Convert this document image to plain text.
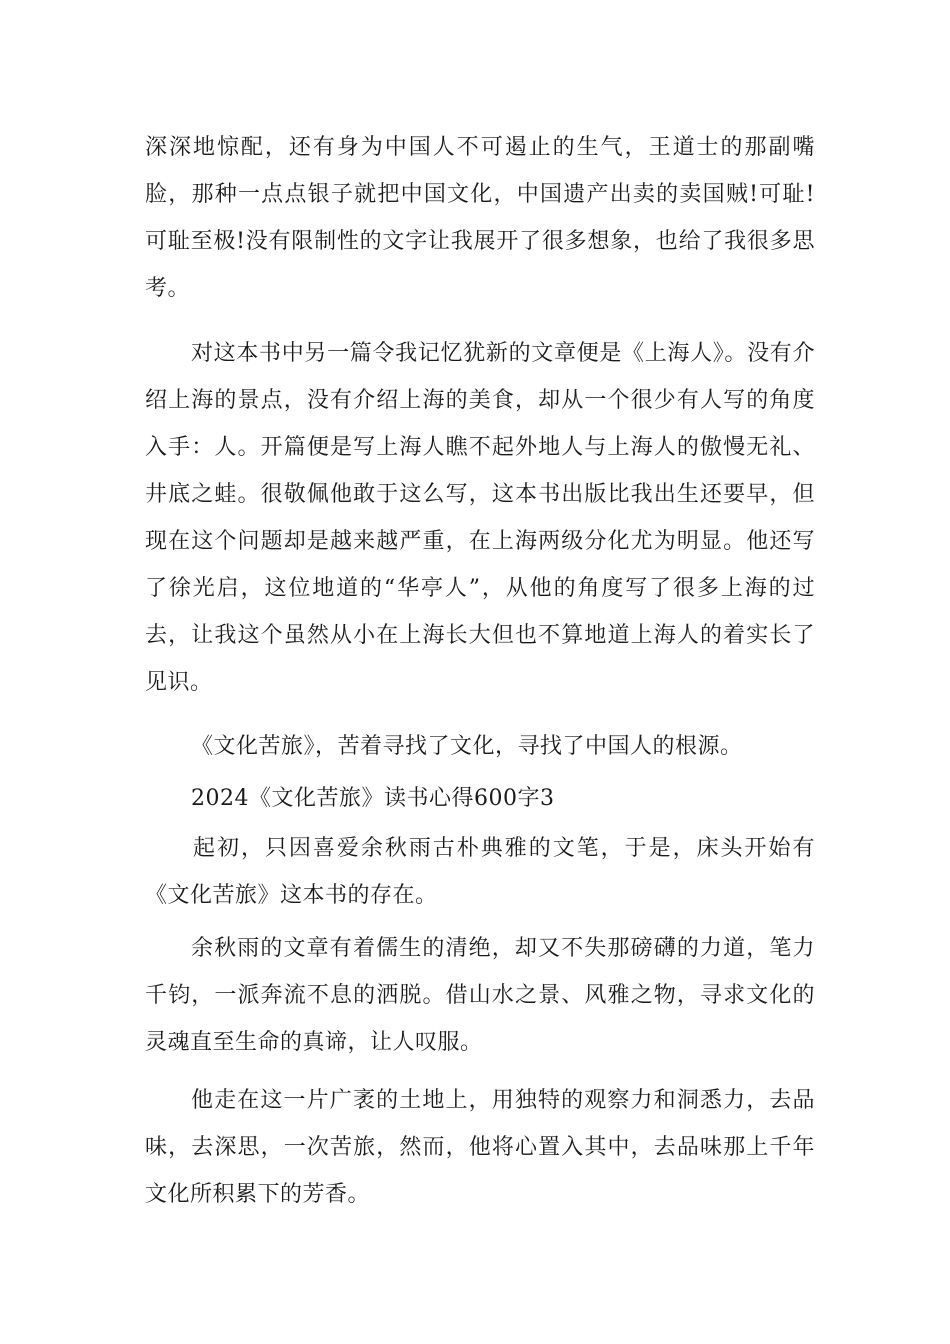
深深地惊配，还有身为中国人不可遏止的生气，王道士的那副嘴脸，那种一点点银子就把中国文化，中国遗产出卖的卖国贼!可耻!可耻至极!没有限制性的文字让我展开了很多想象，也给了我很多思考。

对这本书中另一篇令我记忆犹新的文章便是《上海人》。没有介绍上海的景点，没有介绍上海的美食，却从一个很少有人写的角度入手：人。开篇便是写上海人瞧不起外地人与上海人的傲慢无礼、井底之蛙。很敬佩他敢于这么写，这本书出版比我出生还要早，但现在这个问题却是越来越严重，在上海两级分化尤为明显。他还写了徐光启，这位地道的“华亭人”，从他的角度写了很多上海的过去，让我这个虽然从小在上海长大但也不算地道上海人的着实长了见识。

《文化苦旅》，苦着寻找了文化，寻找了中国人的根源。

2024《文化苦旅》读书心得600字3

起初，只因喜爱余秋雨古朴典雅的文笔，于是，床头开始有《文化苦旅》这本书的存在。

余秋雨的文章有着儒生的清绝，却又不失那磅礴的力道，笔力千钧，一派奔流不息的洒脱。借山水之景、风雅之物，寻求文化的灵魂直至生命的真谛，让人叹服。

他走在这一片广袤的土地上，用独特的观察力和洞悉力，去品味，去深思，一次苦旅，然而，他将心置入其中，去品味那上千年文化所积累下的芳香。
